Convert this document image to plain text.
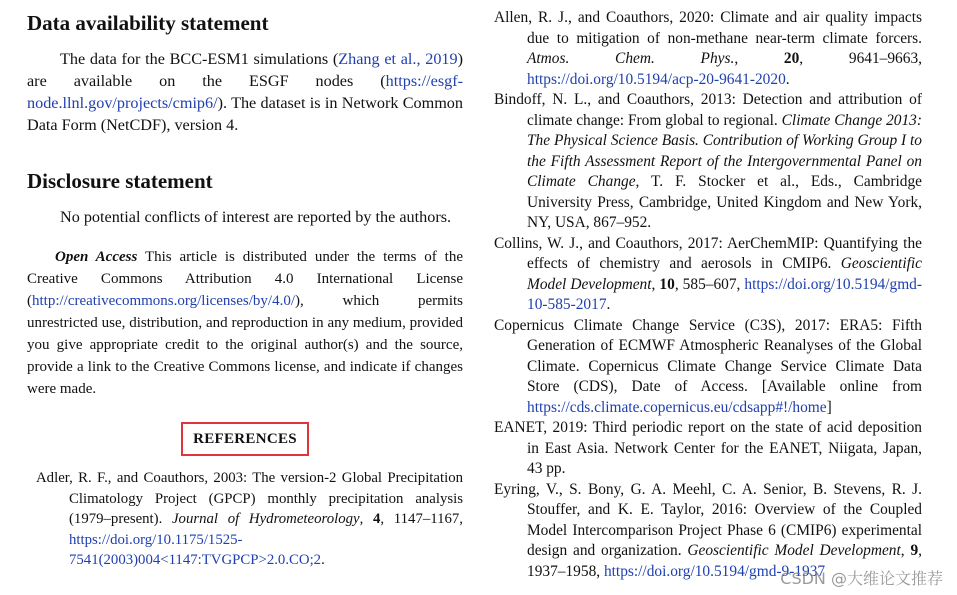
Data availability statement

The data for the BCC-ESM1 simulations (Zhang et al., 2019) are available on the ESGF nodes (https://esgf-node.llnl.gov/projects/cmip6/). The dataset is in Network Common Data Form (NetCDF), version 4.

Disclosure statement

No potential conflicts of interest are reported by the authors.

Open Access This article is distributed under the terms of the Creative Commons Attribution 4.0 International License (http://creativecommons.org/licenses/by/4.0/), which permits unrestricted use, distribution, and reproduction in any medium, provided you give appropriate credit to the original author(s) and the source, provide a link to the Creative Commons license, and indicate if changes were made.

REFERENCES

Adler, R. F., and Coauthors, 2003: The version-2 Global Precipitation Climatology Project (GPCP) monthly precipitation analysis (1979–present). Journal of Hydrometeorology, 4, 1147–1167, https://doi.org/10.1175/1525-7541(2003)004<1147:TVGPCP>2.0.CO;2.

Allen, R. J., and Coauthors, 2020: Climate and air quality impacts due to mitigation of non-methane near-term climate forcers. Atmos. Chem. Phys., 20, 9641–9663, https://doi.org/10.5194/acp-20-9641-2020.

Bindoff, N. L., and Coauthors, 2013: Detection and attribution of climate change: From global to regional. Climate Change 2013: The Physical Science Basis. Contribution of Working Group I to the Fifth Assessment Report of the Intergovernmental Panel on Climate Change, T. F. Stocker et al., Eds., Cambridge University Press, Cambridge, United Kingdom and New York, NY, USA, 867–952.

Collins, W. J., and Coauthors, 2017: AerChemMIP: Quantifying the effects of chemistry and aerosols in CMIP6. Geoscientific Model Development, 10, 585–607, https://doi.org/10.5194/gmd-10-585-2017.

Copernicus Climate Change Service (C3S), 2017: ERA5: Fifth Generation of ECMWF Atmospheric Reanalyses of the Global Climate. Copernicus Climate Change Service Climate Data Store (CDS), Date of Access. [Available online from https://cds.climate.copernicus.eu/cdsapp#!/home]

EANET, 2019: Third periodic report on the state of acid deposition in East Asia. Network Center for the EANET, Niigata, Japan, 43 pp.

Eyring, V., S. Bony, G. A. Meehl, C. A. Senior, B. Stevens, R. J. Stouffer, and K. E. Taylor, 2016: Overview of the Coupled Model Intercomparison Project Phase 6 (CMIP6) experimental design and organization. Geoscientific Model Development, 9, 1937–1958, https://doi.org/10.5194/gmd-9-1937

CSDN @大维论文推荐
